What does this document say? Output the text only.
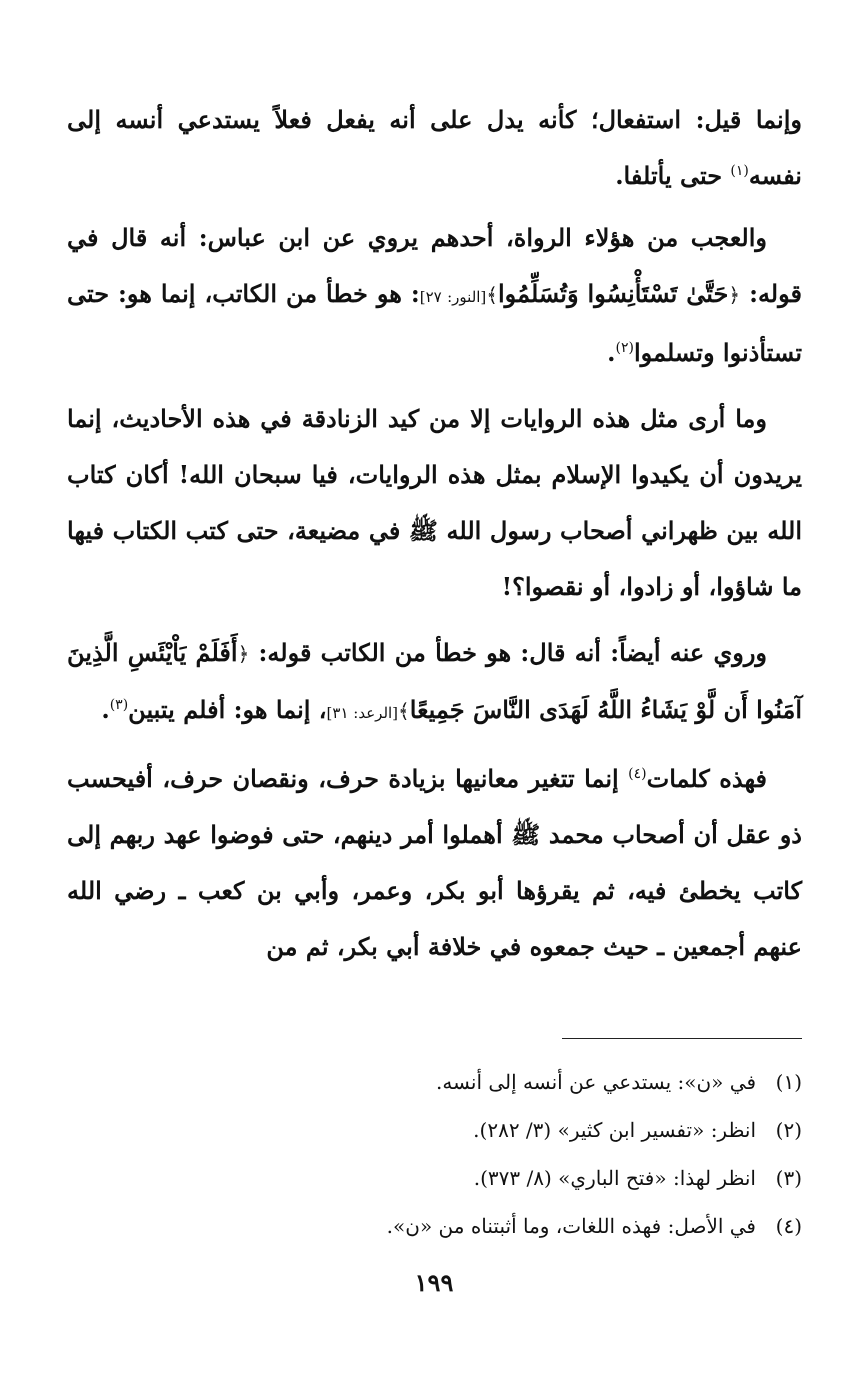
وإنما قيل: استفعال؛ كأنه يدل على أنه يفعل فعلاً يستدعي أنسه إلى نفسه$^{(١)}$ حتى يأتلفا.

والعجب من هؤلاء الرواة، أحدهم يروي عن ابن عباس: أنه قال في قوله: ﴿حَتَّىٰ تَسْتَأْنِسُوا وَتُسَلِّمُوا﴾[النور: ٢٧]: هو خطأ من الكاتب، إنما هو: حتى تستأذنوا وتسلموا$^{(٢)}$.

وما أرى مثل هذه الروايات إلا من كيد الزنادقة في هذه الأحاديث، إنما يريدون أن يكيدوا الإسلام بمثل هذه الروايات، فيا سبحان الله! أكان كتاب الله بين ظهراني أصحاب رسول الله ﷺ في مضيعة، حتى كتب الكتاب فيها ما شاؤوا، أو زادوا، أو نقصوا؟!

وروي عنه أيضاً: أنه قال: هو خطأ من الكاتب قوله: ﴿أَفَلَمْ يَاْيْئَسِ الَّذِينَ آمَنُوا أَن لَّوْ يَشَاءُ اللَّهُ لَهَدَى النَّاسَ جَمِيعًا﴾[الرعد: ٣١]، إنما هو: أفلم يتبين$^{(٣)}$.

فهذه كلمات$^{(٤)}$ إنما تتغير معانيها بزيادة حرف، ونقصان حرف، أفيحسب ذو عقل أن أصحاب محمد ﷺ أهملوا أمر دينهم، حتى فوضوا عهد ربهم إلى كاتب يخطئ فيه، ثم يقرؤها أبو بكر، وعمر، وأبي بن كعب ـ رضي الله عنهم أجمعين ـ حيث جمعوه في خلافة أبي بكر، ثم من

(١)في «ن»: يستدعي عن أنسه إلى أنسه.
(٢)انظر: «تفسير ابن كثير» (٣/ ٢٨٢).
(٣)انظر لهذا: «فتح الباري» (٨/ ٣٧٣).
(٤)في الأصل: فهذه اللغات، وما أثبتناه من «ن».
١٩٩
